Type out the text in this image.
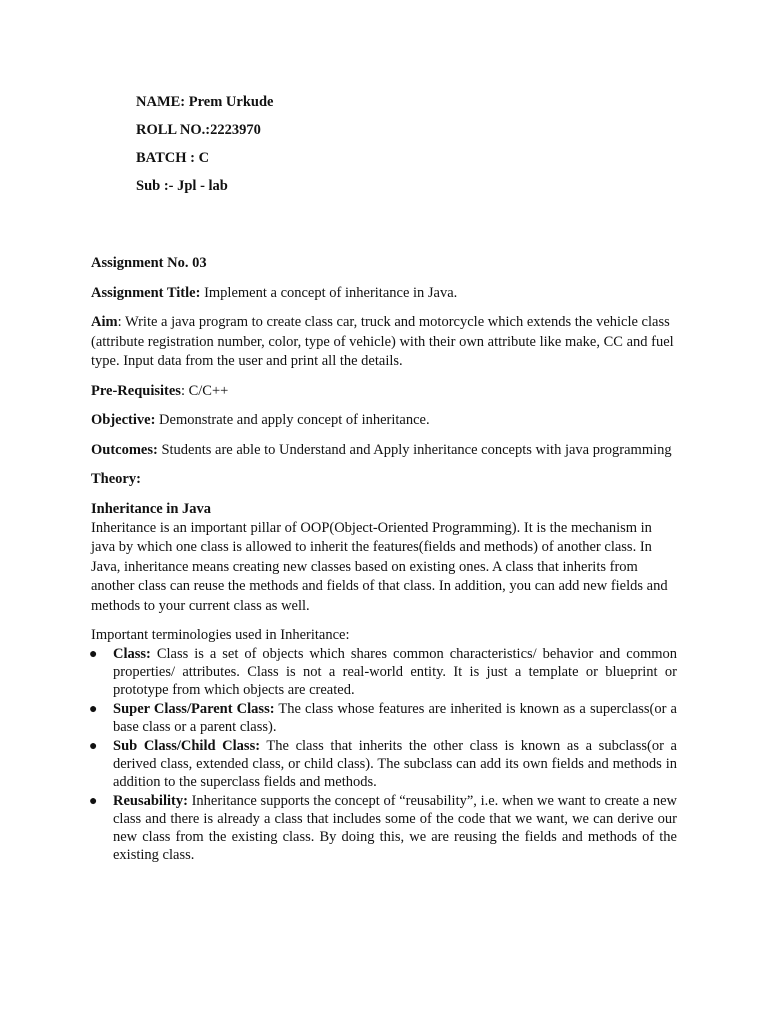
NAME: Prem Urkude
ROLL NO.:2223970
BATCH : C
Sub :- Jpl - lab

Assignment No. 03

Assignment Title: Implement a concept of inheritance in Java.

Aim: Write a java program to create class car, truck and motorcycle which extends the vehicle class (attribute registration number, color, type of vehicle) with their own attribute like make, CC and fuel type. Input data from the user and print all the details.

Pre-Requisites: C/C++

Objective: Demonstrate and apply concept of inheritance.

Outcomes: Students are able to Understand and Apply inheritance concepts with java programming

Theory:

Inheritance in Java

Inheritance is an important pillar of OOP(Object-Oriented Programming). It is the mechanism in java by which one class is allowed to inherit the features(fields and methods) of another class. In Java, inheritance means creating new classes based on existing ones. A class that inherits from another class can reuse the methods and fields of that class. In addition, you can add new fields and methods to your current class as well.

Important terminologies used in Inheritance:

● Class: Class is a set of objects which shares common characteristics/ behavior and common properties/ attributes. Class is not a real-world entity. It is just a template or blueprint or prototype from which objects are created.
● Super Class/Parent Class: The class whose features are inherited is known as a superclass(or a base class or a parent class).
● Sub Class/Child Class: The class that inherits the other class is known as a subclass(or a derived class, extended class, or child class). The subclass can add its own fields and methods in addition to the superclass fields and methods.
● Reusability: Inheritance supports the concept of “reusability”, i.e. when we want to create a new class and there is already a class that includes some of the code that we want, we can derive our new class from the existing class. By doing this, we are reusing the fields and methods of the existing class.
